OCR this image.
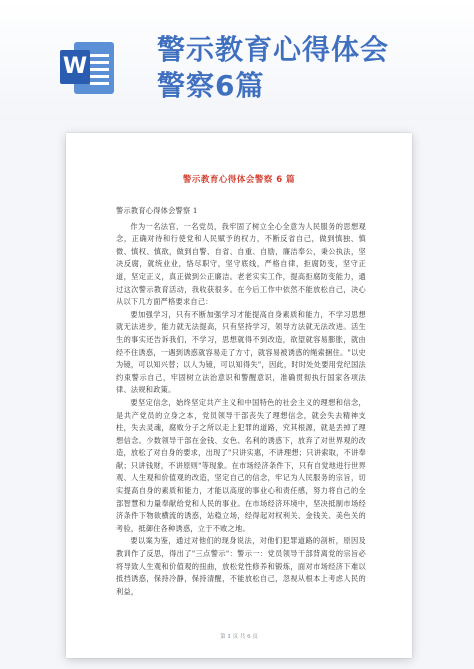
W
警示教育心得体会
警察6篇
警示教育心得体会警察 6 篇

警示教育心得体会警察 1

作为一名法官、一名党员，我牢固了树立全心全意为人民服务的思想观念，正确对待和行使党和人民赋予的权力，不断反省自己，做到慎独、慎微、慎权、慎欲，做到自警、自省、自重、自励，廉洁奉公，秉公执法，坚决反腐，就统业业，恪尽职守，坚守底线，严格自律，拒腐防变，坚守正道，坚定正义，真正做到公正廉洁。老老实实工作，提高拒腐防变能力，通过这次警示教育活动，我收获很多。在今后工作中依然不能放松自己，决心从以下几方面严格要求自己：

要加强学习，只有不断加强学习才能提高自身素质和能力，不学习思想就无法进步，能力就无法提高，只有坚持学习，领导方法就无法改进。活生生的事实还告诉我们，不学习，思想就得不到改造，欲望就容易膨胀，就由经不住诱惑，一遇到诱惑就容易走了方寸，就容易被诱惑的绳索捆住。"以史为镜，可以知兴替；以人为镜，可以知得失"，因此，时时处处要用党纪国法约束警示自己，牢固树立法治意识和警醒意识，准确贯彻执行国家各项法律、法规和政策。

要坚定信念，始终坚定共产主义和中国特色的社会主义的理想和信念，是共产党员的立身之本，党员领导干部丧失了理想信念，就会失去精神支柱，失去灵魂，腐败分子之所以走上犯罪的道路，究其根源，就是丢掉了理想信念。少数领导干部在金钱、女色、名利的诱惑下，放弃了对世界观的改造，放松了对自身的要求，出现了"只讲实惠，不讲理想；只讲索取，不讲奉献；只讲钱财，不讲原则"等现象。在市场经济条件下，只有自觉地进行世界观、人生观和价值观的改造，坚定自己的信念，牢记为人民服务的宗旨，切实提高自身的素质和能力，才能以高度的事业心和责任感，努力将自己的全部智慧和力量奉献给党和人民的事业。在市场经济环境中，坚决抵制市场经济条件下物欲横流的诱惑，站稳立场，经得起对权利关、金钱关、美色关的考验，抵御住各种诱惑，立于不败之地。

要以案为鉴，通过对他们的现身说法，对他们犯罪道路的剖析，原因及教训作了反思，得出了"三点警示"：警示一：党员领导干部背离党的宗旨必将导致人生观和价值观的扭曲，放松党性修养和锻炼，面对市场经济下难以抵挡诱惑，保持冷静，保持清醒，不能放松自己，忽视从根本上考虑人民的利益，

第 1 页 共 6 页
